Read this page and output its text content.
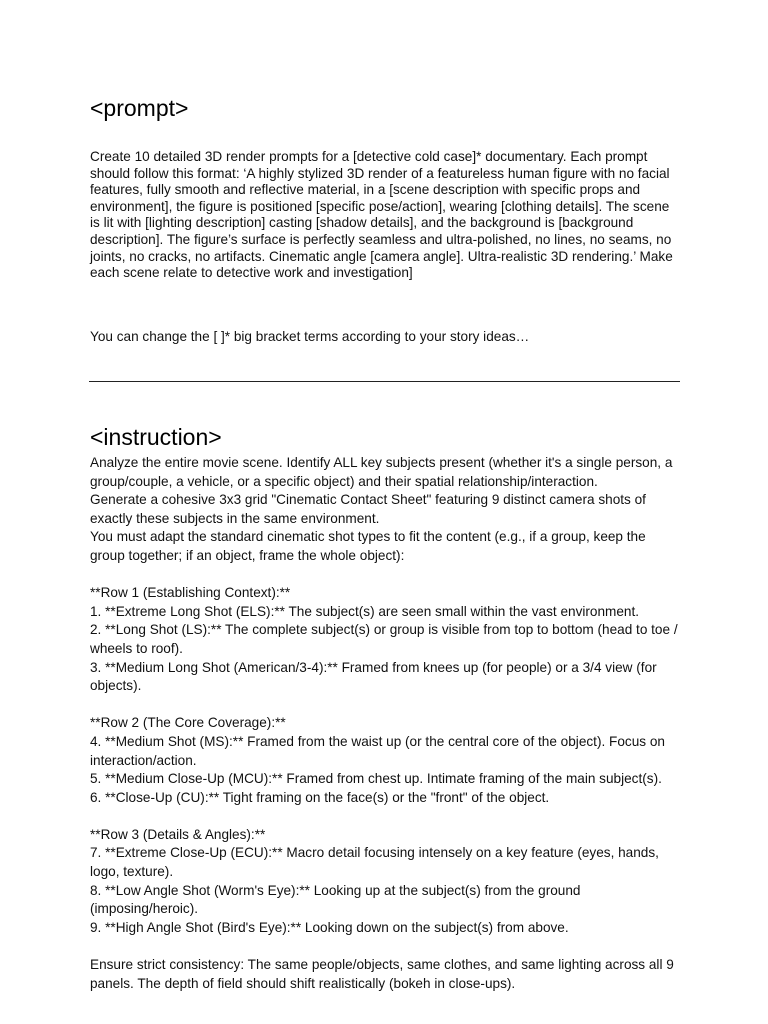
<prompt>

Create 10 detailed 3D render prompts for a [detective cold case]* documentary. Each prompt should follow this format: ‘A highly stylized 3D render of a featureless human figure with no facial features, fully smooth and reflective material, in a [scene description with specific props and environment], the figure is positioned [specific pose/action], wearing [clothing details]. The scene is lit with [lighting description] casting [shadow details], and the background is [background description]. The figure’s surface is perfectly seamless and ultra-polished, no lines, no seams, no joints, no cracks, no artifacts. Cinematic angle [camera angle]. Ultra-realistic 3D rendering.’ Make each scene relate to detective work and investigation]

You can change the [ ]* big bracket terms according to your story ideas…

<instruction>

Analyze the entire movie scene. Identify ALL key subjects present (whether it's a single person, a group/couple, a vehicle, or a specific object) and their spatial relationship/interaction.
Generate a cohesive 3x3 grid "Cinematic Contact Sheet" featuring 9 distinct camera shots of exactly these subjects in the same environment.
You must adapt the standard cinematic shot types to fit the content (e.g., if a group, keep the group together; if an object, frame the whole object):

**Row 1 (Establishing Context):**
1. **Extreme Long Shot (ELS):** The subject(s) are seen small within the vast environment.
2. **Long Shot (LS):** The complete subject(s) or group is visible from top to bottom (head to toe / wheels to roof).
3. **Medium Long Shot (American/3-4):** Framed from knees up (for people) or a 3/4 view (for objects).

**Row 2 (The Core Coverage):**
4. **Medium Shot (MS):** Framed from the waist up (or the central core of the object). Focus on interaction/action.
5. **Medium Close-Up (MCU):** Framed from chest up. Intimate framing of the main subject(s).
6. **Close-Up (CU):** Tight framing on the face(s) or the "front" of the object.

**Row 3 (Details & Angles):**
7. **Extreme Close-Up (ECU):** Macro detail focusing intensely on a key feature (eyes, hands, logo, texture).
8. **Low Angle Shot (Worm's Eye):** Looking up at the subject(s) from the ground (imposing/heroic).
9. **High Angle Shot (Bird's Eye):** Looking down on the subject(s) from above.

Ensure strict consistency: The same people/objects, same clothes, and same lighting across all 9 panels. The depth of field should shift realistically (bokeh in close-ups).
